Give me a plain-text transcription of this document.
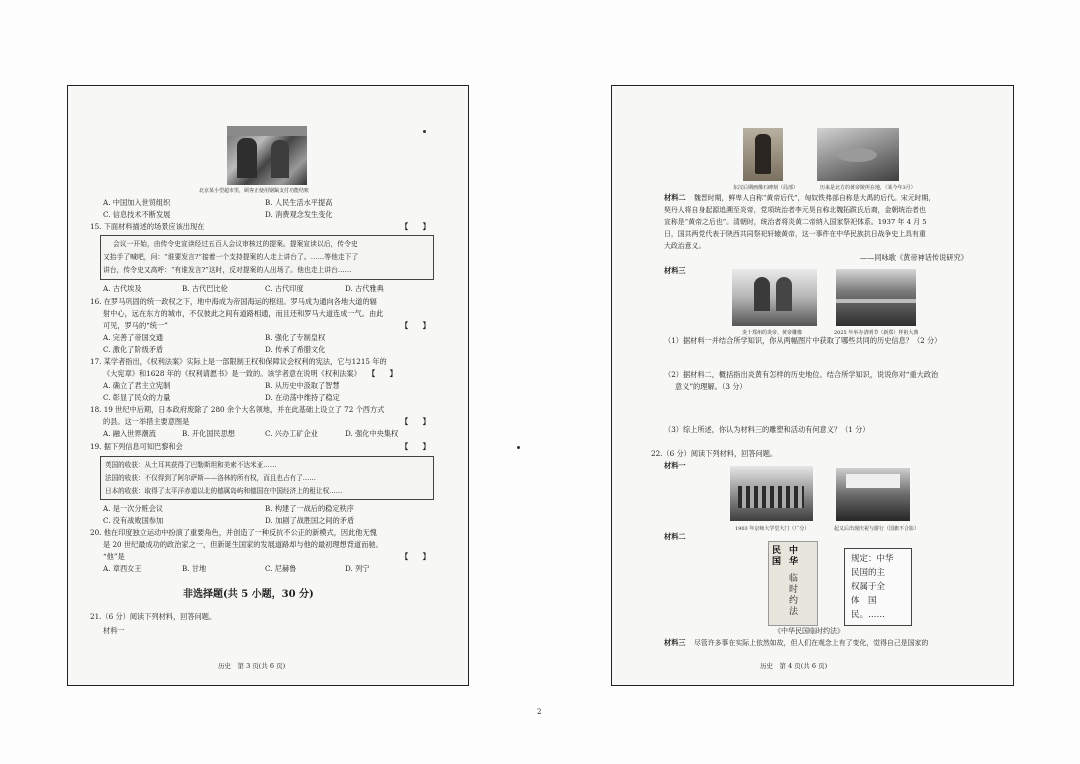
北京某小型超市里，顾客正使用钢鎬支付功能结账
A. 中国加入世贸组织	B. 人民生活水平提高
C. 信息技术不断发展	D. 消费观念发生变化
15. 下面材料描述的场景应该出现在	【　　】
会议一开始，由传令史宣读经过五百人会议审核过的提案。提案宣读以后，传令史
又抬手了喊吧，问：“谁要发言?”接着一个支持提案的人走上讲台了。……等他走下了
讲台，传令史又高呼：“有谁发言?”这时，反对提案的人出场了。他也走上讲台……
A. 古代埃及	B. 古代巴比伦	C. 古代印度	D. 古代雅典
16. 在罗马巩固的统一政权之下，地中海成为帝国海运的枢纽。罗马成为通向各地大道的辐
射中心，远在东方的城市，不仅彼此之间有道路相通，而且还和罗马大道连成一气。由此
可见，罗马的“统一”	【　　】
A. 完善了帝国交通	B. 强化了专制皇权
C. 激化了阶级矛盾	D. 传承了希腊文化
17. 某学者指出，《权利法案》实际上是一部限制王权和保障议会权利的宪法，它与1215 年的
《大宪章》和1628 年的《权利请愿书》是一致的。该学者意在说明《权利法案》 【　　】
A. 确立了君主立宪制	B. 从历史中汲取了智慧
C. 彰显了民众的力量	D. 在动荡中维持了稳定
18. 19 世纪中后期，日本政府废除了 280 余个大名领地，并在此基础上设立了 72 个西方式
的县。这一举措主要意图是	【　　】
A. 融入世界潮流	B. 开化国民思想	C. 兴办工矿企业	D. 强化中央集权
19. 据下列信息可知巴黎和会	【　　】
英国的收获：从土耳其获得了巴勒斯坦和美索不达米亚……
法国的收获：不仅得到了阿尔萨斯——洛林的所有权，而且也占有了……
日本的收获：取得了太平洋赤道以北的德属岛屿和德国在中国经济上的租让权……
A. 是一次分赃会议	B. 构建了一战后的稳定秩序
C. 没有战败国参加	D. 加剧了战胜国之间的矛盾
20. 他在印度独立运动中扮演了重要角色，并创造了一种反抗不公正的新模式，因此他无愧
是 20 世纪最成功的政治家之一，但新诞生国家的发展道路却与他的最初理想背道而驰。
“他”是	【　　】
A. 章西女王	B. 甘地	C. 尼赫鲁	D. 列宁
非选择题(共 5 小题，30 分)
21.（6 分）阅读下列材料，回答问题。
材料一
历史　第 3 页(共 6 页)
东汉后期画像石碑刻（局部）	历来是北方的黄帝陵所在地，（某今年3月）
材料二 魏晋时期，鲜卑人自称“黄帝后代”，匈奴铁弗部自称是大禹的后代。宋元时期，
契丹人将自身起源追溯至炎帝，党项统治者李元昊自称北魏拓跋氏后裔，金朝统治者也
宣称是“黄帝之后也”。清朝时，统治者将炎黄二帝纳入国家祭祀体系。1937 年 4 月 5
日，国共两党代表于陕西共同祭祀轩辕黄帝，这一事件在中华民族抗日战争史上具有重
大政治意义。
——同咏歌《黄帝神话传说研究》
材料三
炎十郑州的炎帝、黄帝雕像	2025 年举办清明节（新郑）拜祖大典
（1）据材料一并结合所学知识，你从两幅图片中获取了哪些共同的历史信息？（2 分）
（2）据材料二，概括指出炎黄有怎样的历史地位。结合所学知识，说说你对“重大政治
意义”的理解。（3 分）
（3）综上所述，你认为材料三的雕塑和活动有何意义？（1 分）
22.（6 分）阅读下列材料，回答问题。
材料一
1903 年京师大学堂大门（广分）	起义后出现庆祝与游行（国旗不合影）
材料二
民国
中华
临时约法
规定：中华
民国的主
权属于全
体　国
民。……
《中华民国临时约法》
材料三 尽管许多事在实际上依然如故，但人们在观念上有了变化，觉得自己是国家的
历史　第 4 页(共 6 页)
2
